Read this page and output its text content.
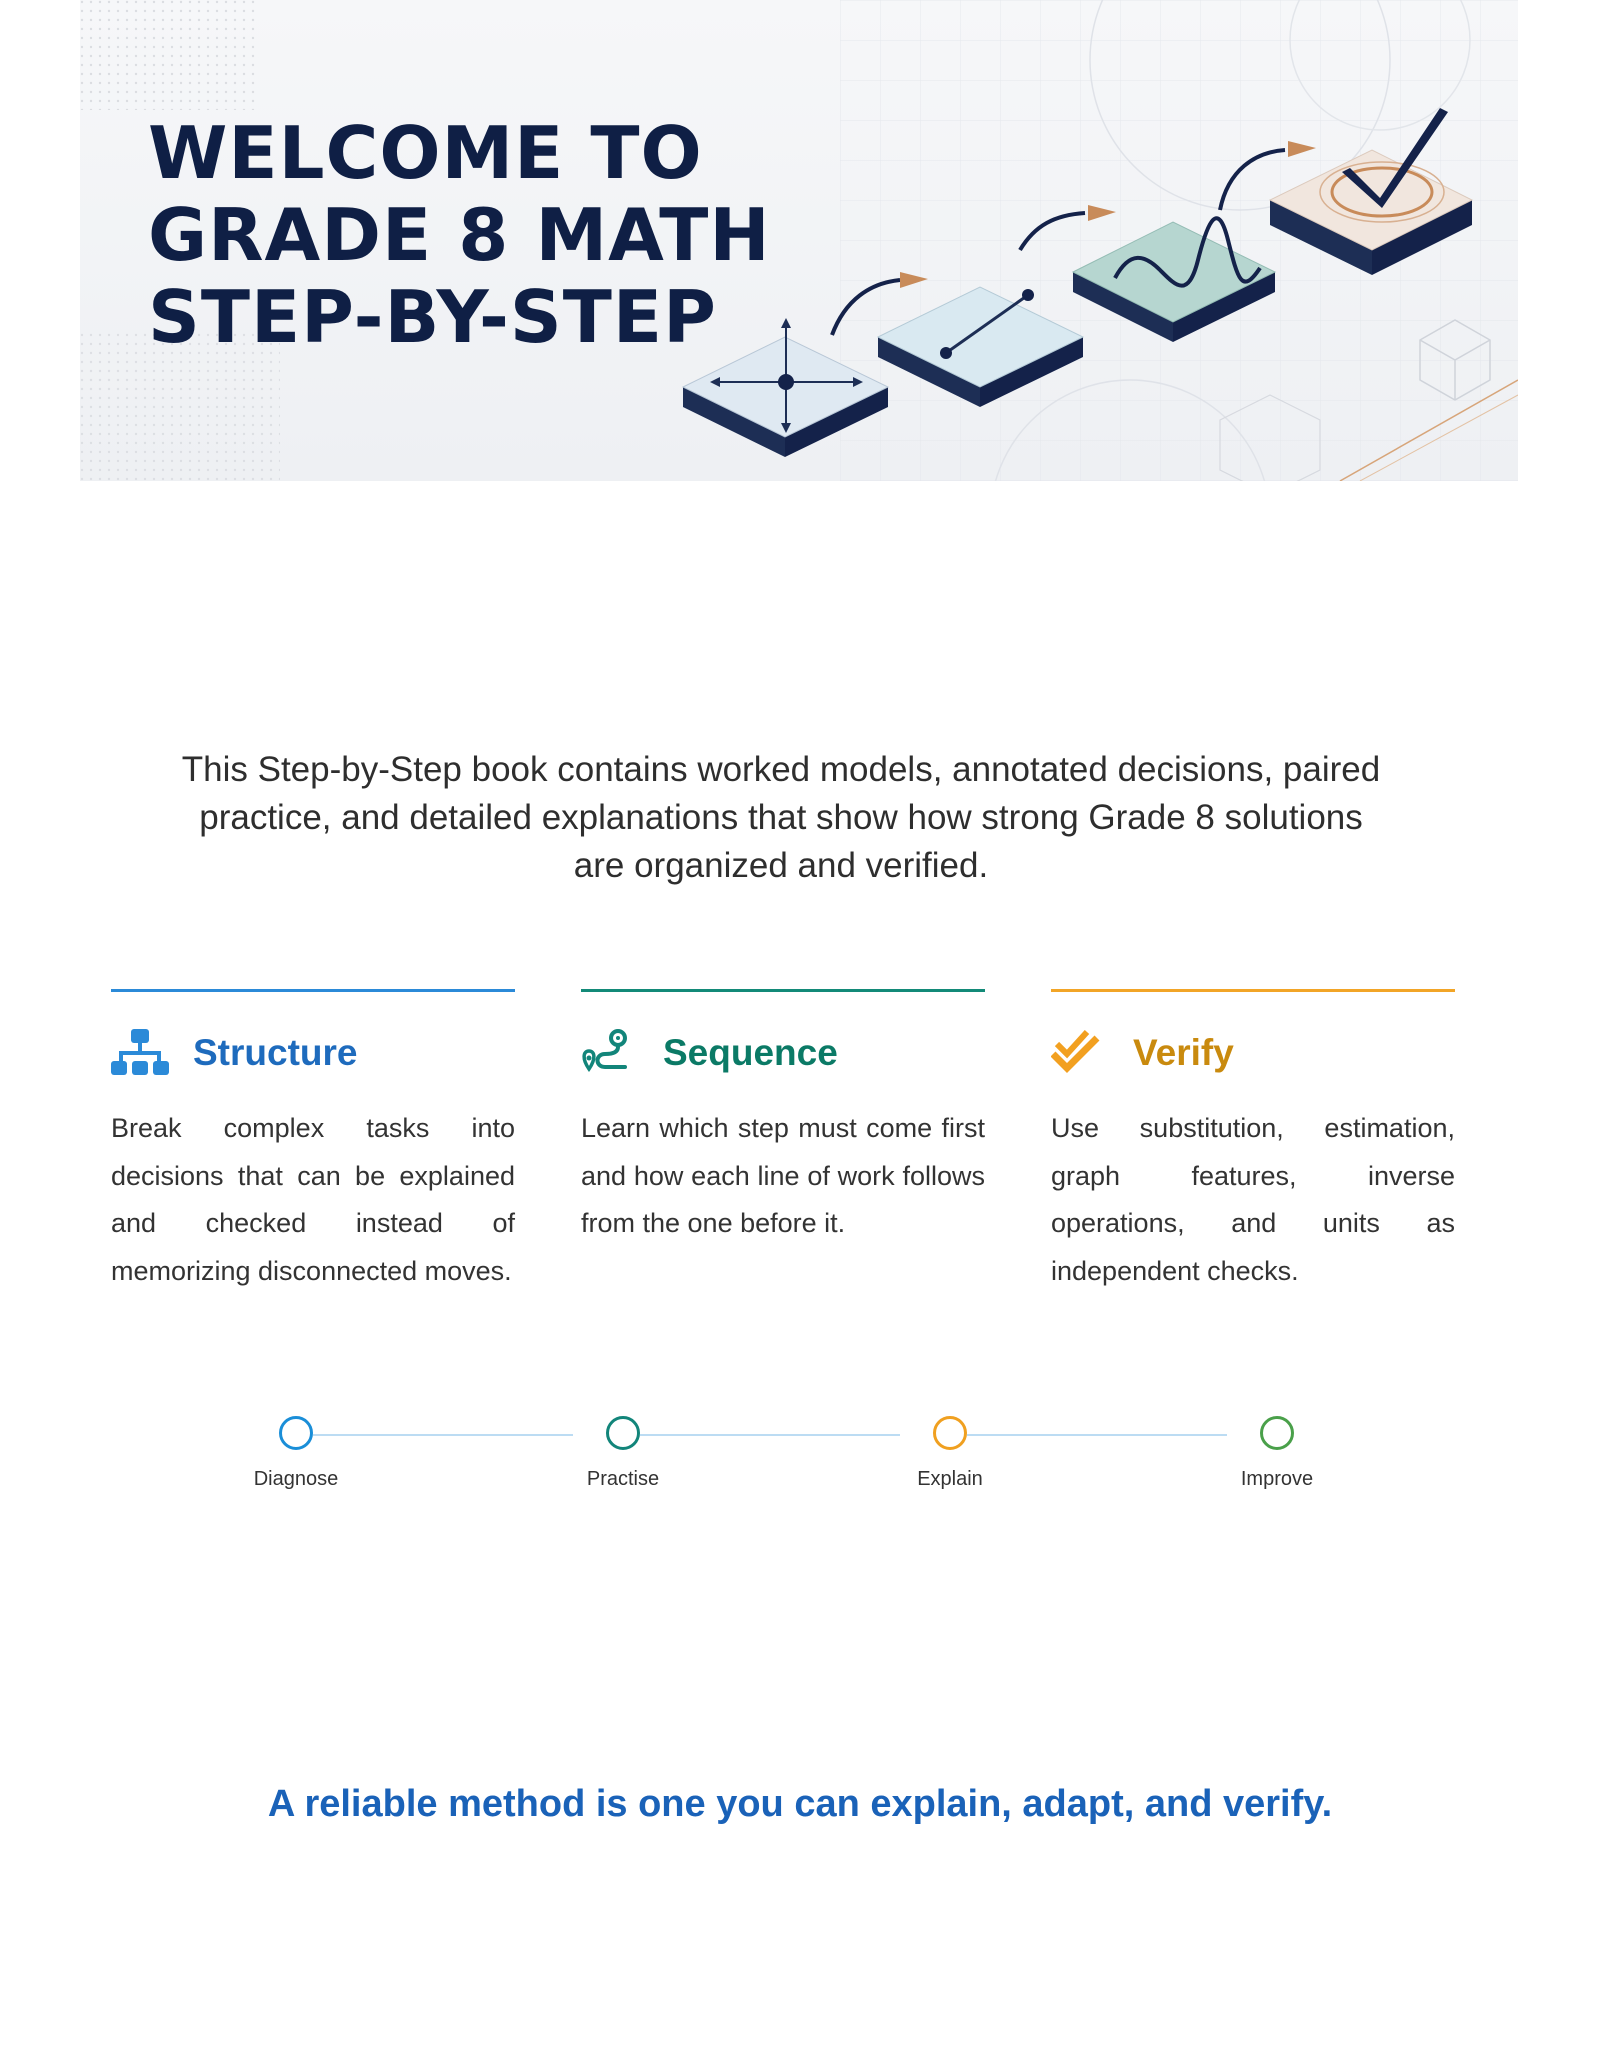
WELCOME TO
GRADE 8 MATH
STEP-BY-STEP

This Step-by-Step book contains worked models, annotated decisions, paired practice, and detailed explanations that show how strong Grade 8 solutions are organized and verified.

Structure

Break complex tasks into decisions that can be explained and checked instead of memorizing disconnected moves.

Sequence

Learn which step must come first and how each line of work follows from the one before it.

Verify

Use substitution, estimation, graph features, inverse operations, and units as independent checks.

Diagnose	Practise	Explain	Improve

A reliable method is one you can explain, adapt, and verify.
